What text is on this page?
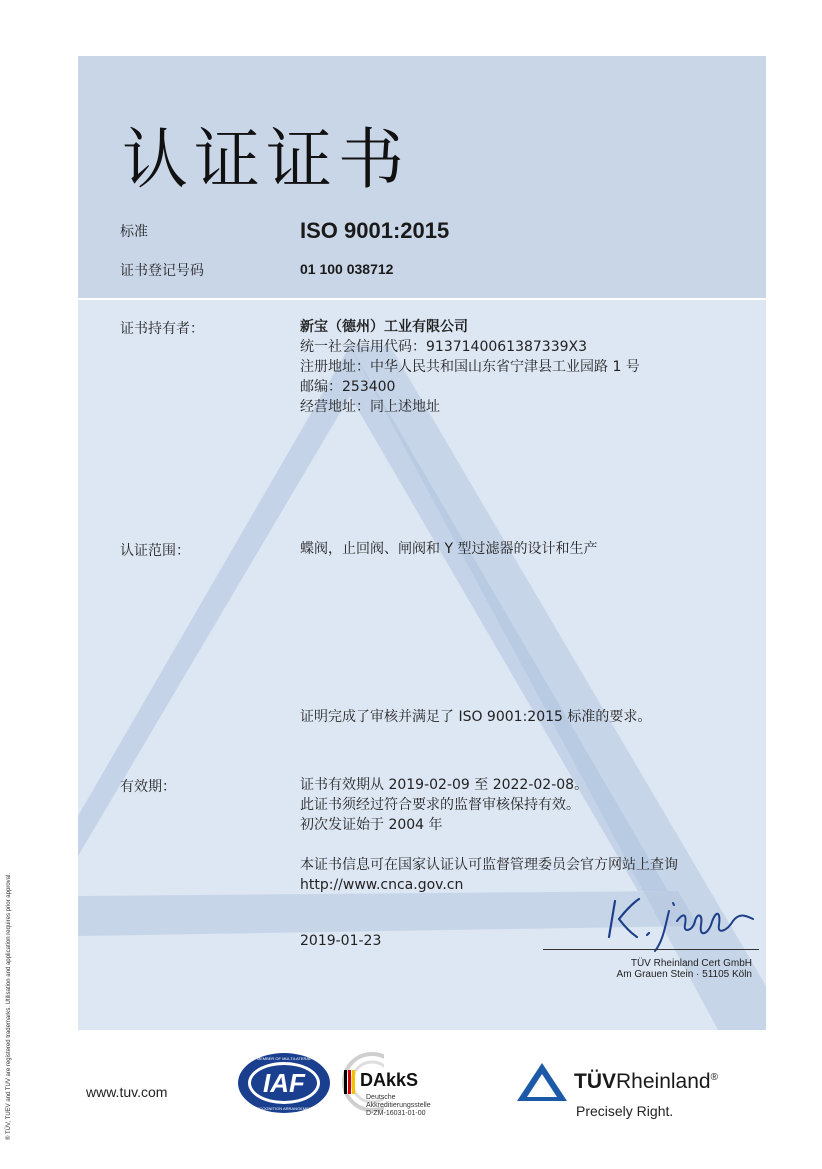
认证证书
标准	ISO 9001:2015
证书登记号码	01 100 038712
证书持有者：	新宝（德州）工业有限公司
统一社会信用代码：9137140061387339X3
注册地址：中华人民共和国山东省宁津县工业园路 1 号
邮编：253400
经营地址：同上述地址
认证范围：	蝶阀，止回阀、闸阀和 Y 型过滤器的设计和生产
证明完成了审核并满足了 ISO 9001:2015 标准的要求。
有效期：	证书有效期从 2019-02-09 至 2022-02-08。
此证书须经过符合要求的监督审核保持有效。
初次发证始于 2004 年
本证书信息可在国家认证认可监督管理委员会官方网站上查询
http://www.cnca.gov.cn
2019-01-23
TÜV Rheinland Cert GmbH
Am Grauen Stein · 51105 Köln
® TÜV, TUEV and TUV are registered trademarks. Utilisation and application requires prior approval.	www.tuv.com	IAF
MEMBER OF MULTILATERAL
RECOGNITION ARRANGEMENT
DAkkS
Deutsche
Akkreditierungsstelle
D-ZM-16031-01-00
TÜVRheinland®
Precisely Right.
